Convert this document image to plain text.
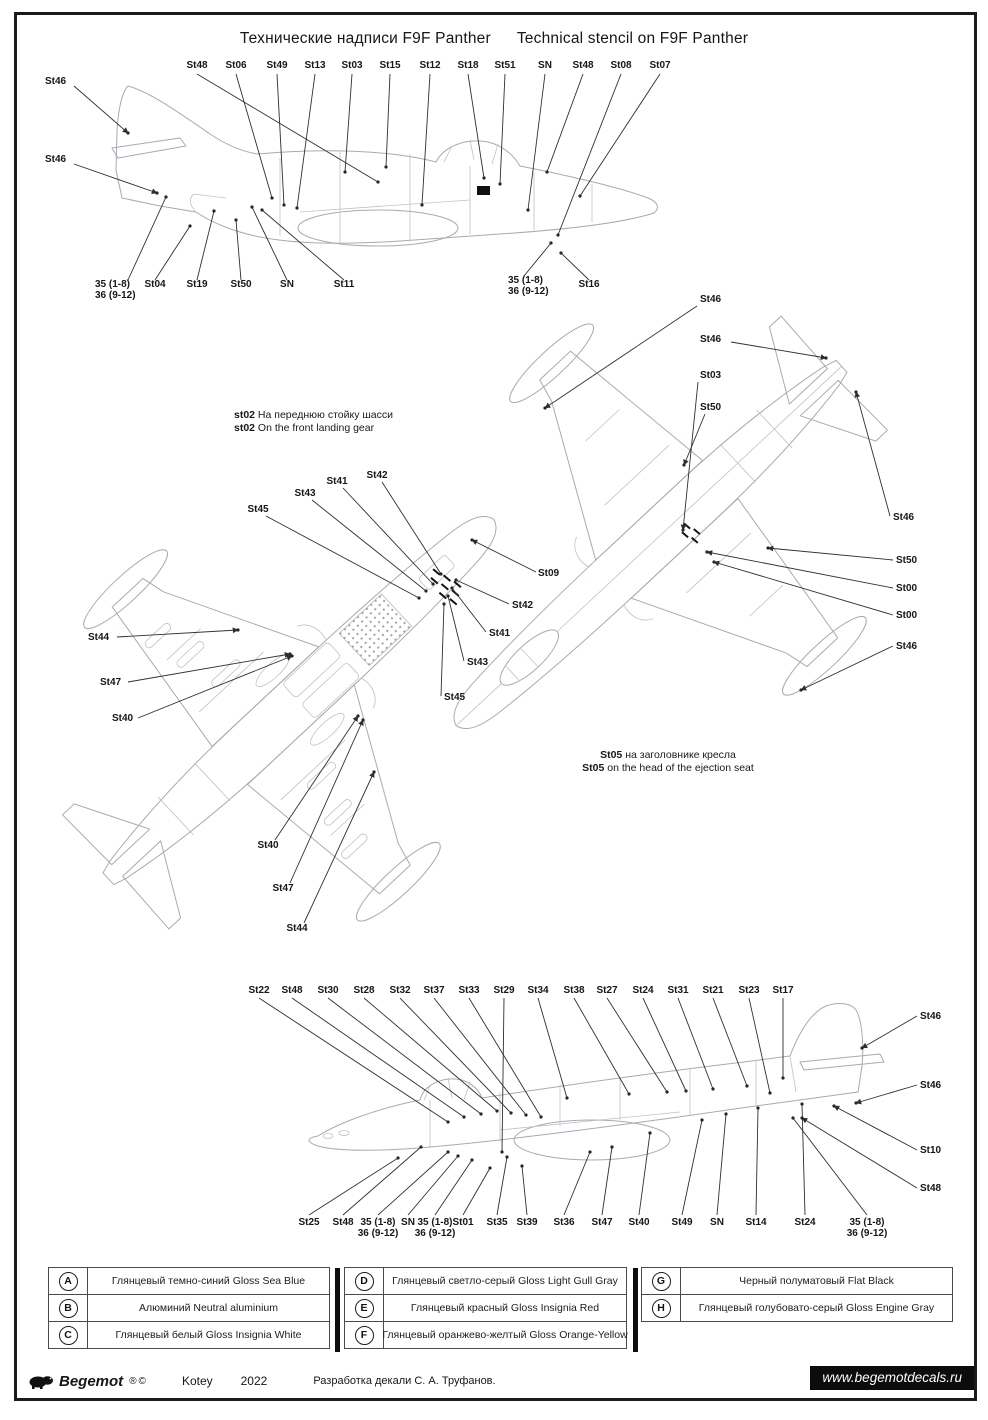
Технические надписи F9F Panther Technical stencil on F9F Panther
St48 St06 St49 St13 St03 St15 St12 St18 St51 SN St48 St08 St07
St46
St46
35 (1-8) 36 (9-12)
St04 St19 St50	SN	St11	35 (1-8) 36 (9-12)
St16
St45
St43
St41
St42
St09
St42
St41
St43
St45
St44
St47
St40
St40
St47
St44
St46
St46
St03
St50
St46
St50
St00
St00
St46
St22 St48 St30 St28 St32 St37 St33 St29 St34 St38 St27 St24 St31 St21 St23 St17
St25 St48 35 (1-8) 36 (9-12)
SN 35 (1-8) 36 (9-12)
St01 St35 St39 St36 St47 St40 St49 SN St14	St24	35 (1-8) 36 (9-12)
St46
St46
St10
St48
st02 На переднюю стойку шасси st02 On the front landing gear
St05 на заголовнике кресла St05 on the head of the ejection seat
A	Глянцевый темно-синий Gloss Sea Blue	D	Глянцевый светло-серый Gloss Light Gull Gray	G	Черный полуматовый Flat Black
B	Алюминий Neutral aluminium	E	Глянцевый красный Gloss Insignia Red	H	Глянцевый голубовато-серый Gloss Engine Gray
C	Глянцевый белый Gloss Insignia White	F	Глянцевый оранжево-желтый Gloss Orange-Yellow
Begemot ®©	Kotey 2022	Разработка декали С. А. Труфанов.	www.begemotdecals.ru
